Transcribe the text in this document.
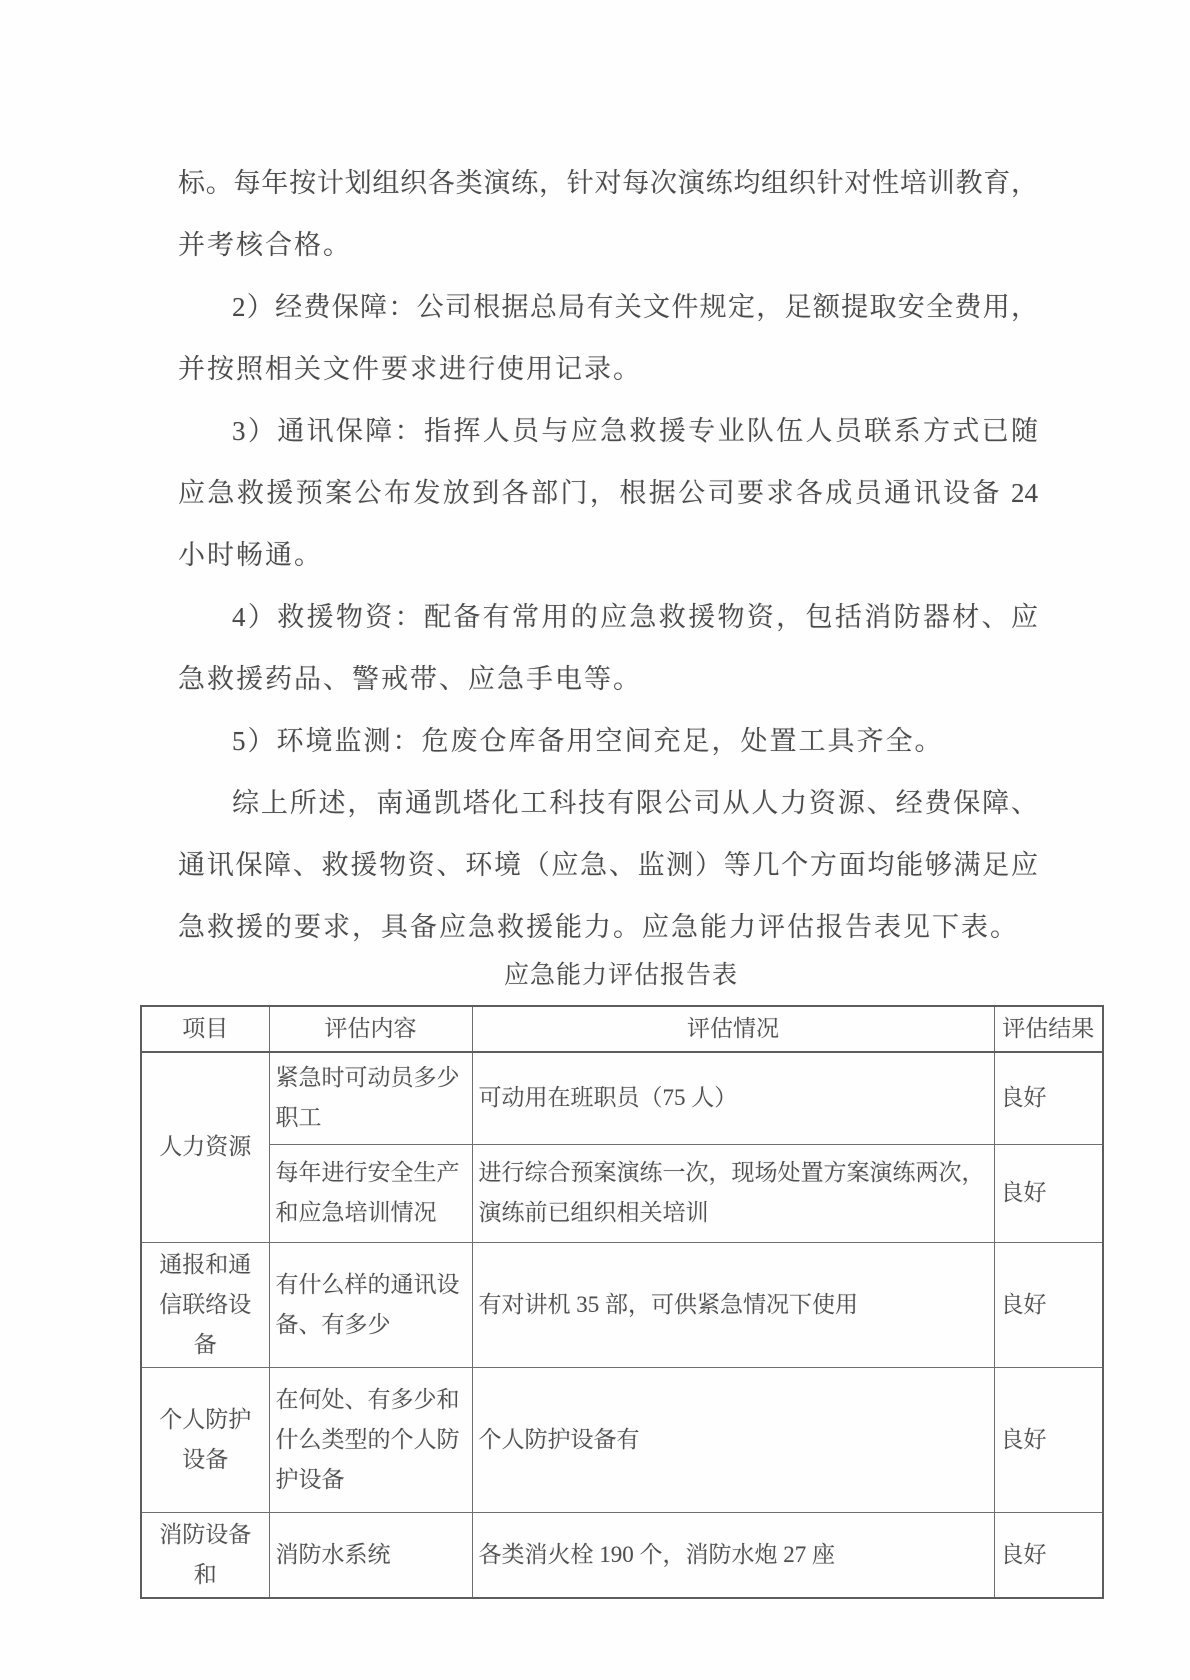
标。每年按计划组织各类演练，针对每次演练均组织针对性培训教育，
并考核合格。
2）经费保障：公司根据总局有关文件规定，足额提取安全费用，
并按照相关文件要求进行使用记录。
3）通讯保障：指挥人员与应急救援专业队伍人员联系方式已随
应急救援预案公布发放到各部门，根据公司要求各成员通讯设备 24
小时畅通。
4）救援物资：配备有常用的应急救援物资，包括消防器材、应
急救援药品、警戒带、应急手电等。
5）环境监测：危废仓库备用空间充足，处置工具齐全。
综上所述，南通凯塔化工科技有限公司从人力资源、经费保障、
通讯保障、救援物资、环境（应急、监测）等几个方面均能够满足应
急救援的要求，具备应急救援能力。应急能力评估报告表见下表。
应急能力评估报告表
项目	评估内容	评估情况	评估结果
人力资源	紧急时可动员多少职工	可动用在班职员（75 人）	良好
	每年进行安全生产和应急培训情况	进行综合预案演练一次，现场处置方案演练两次，演练前已组织相关培训	良好
通报和通信联络设备	有什么样的通讯设备、有多少	有对讲机 35 部，可供紧急情况下使用	良好
个人防护设备	在何处、有多少和什么类型的个人防护设备	个人防护设备有	良好
消防设备和	消防水系统	各类消火栓 190 个，消防水炮 27 座	良好
